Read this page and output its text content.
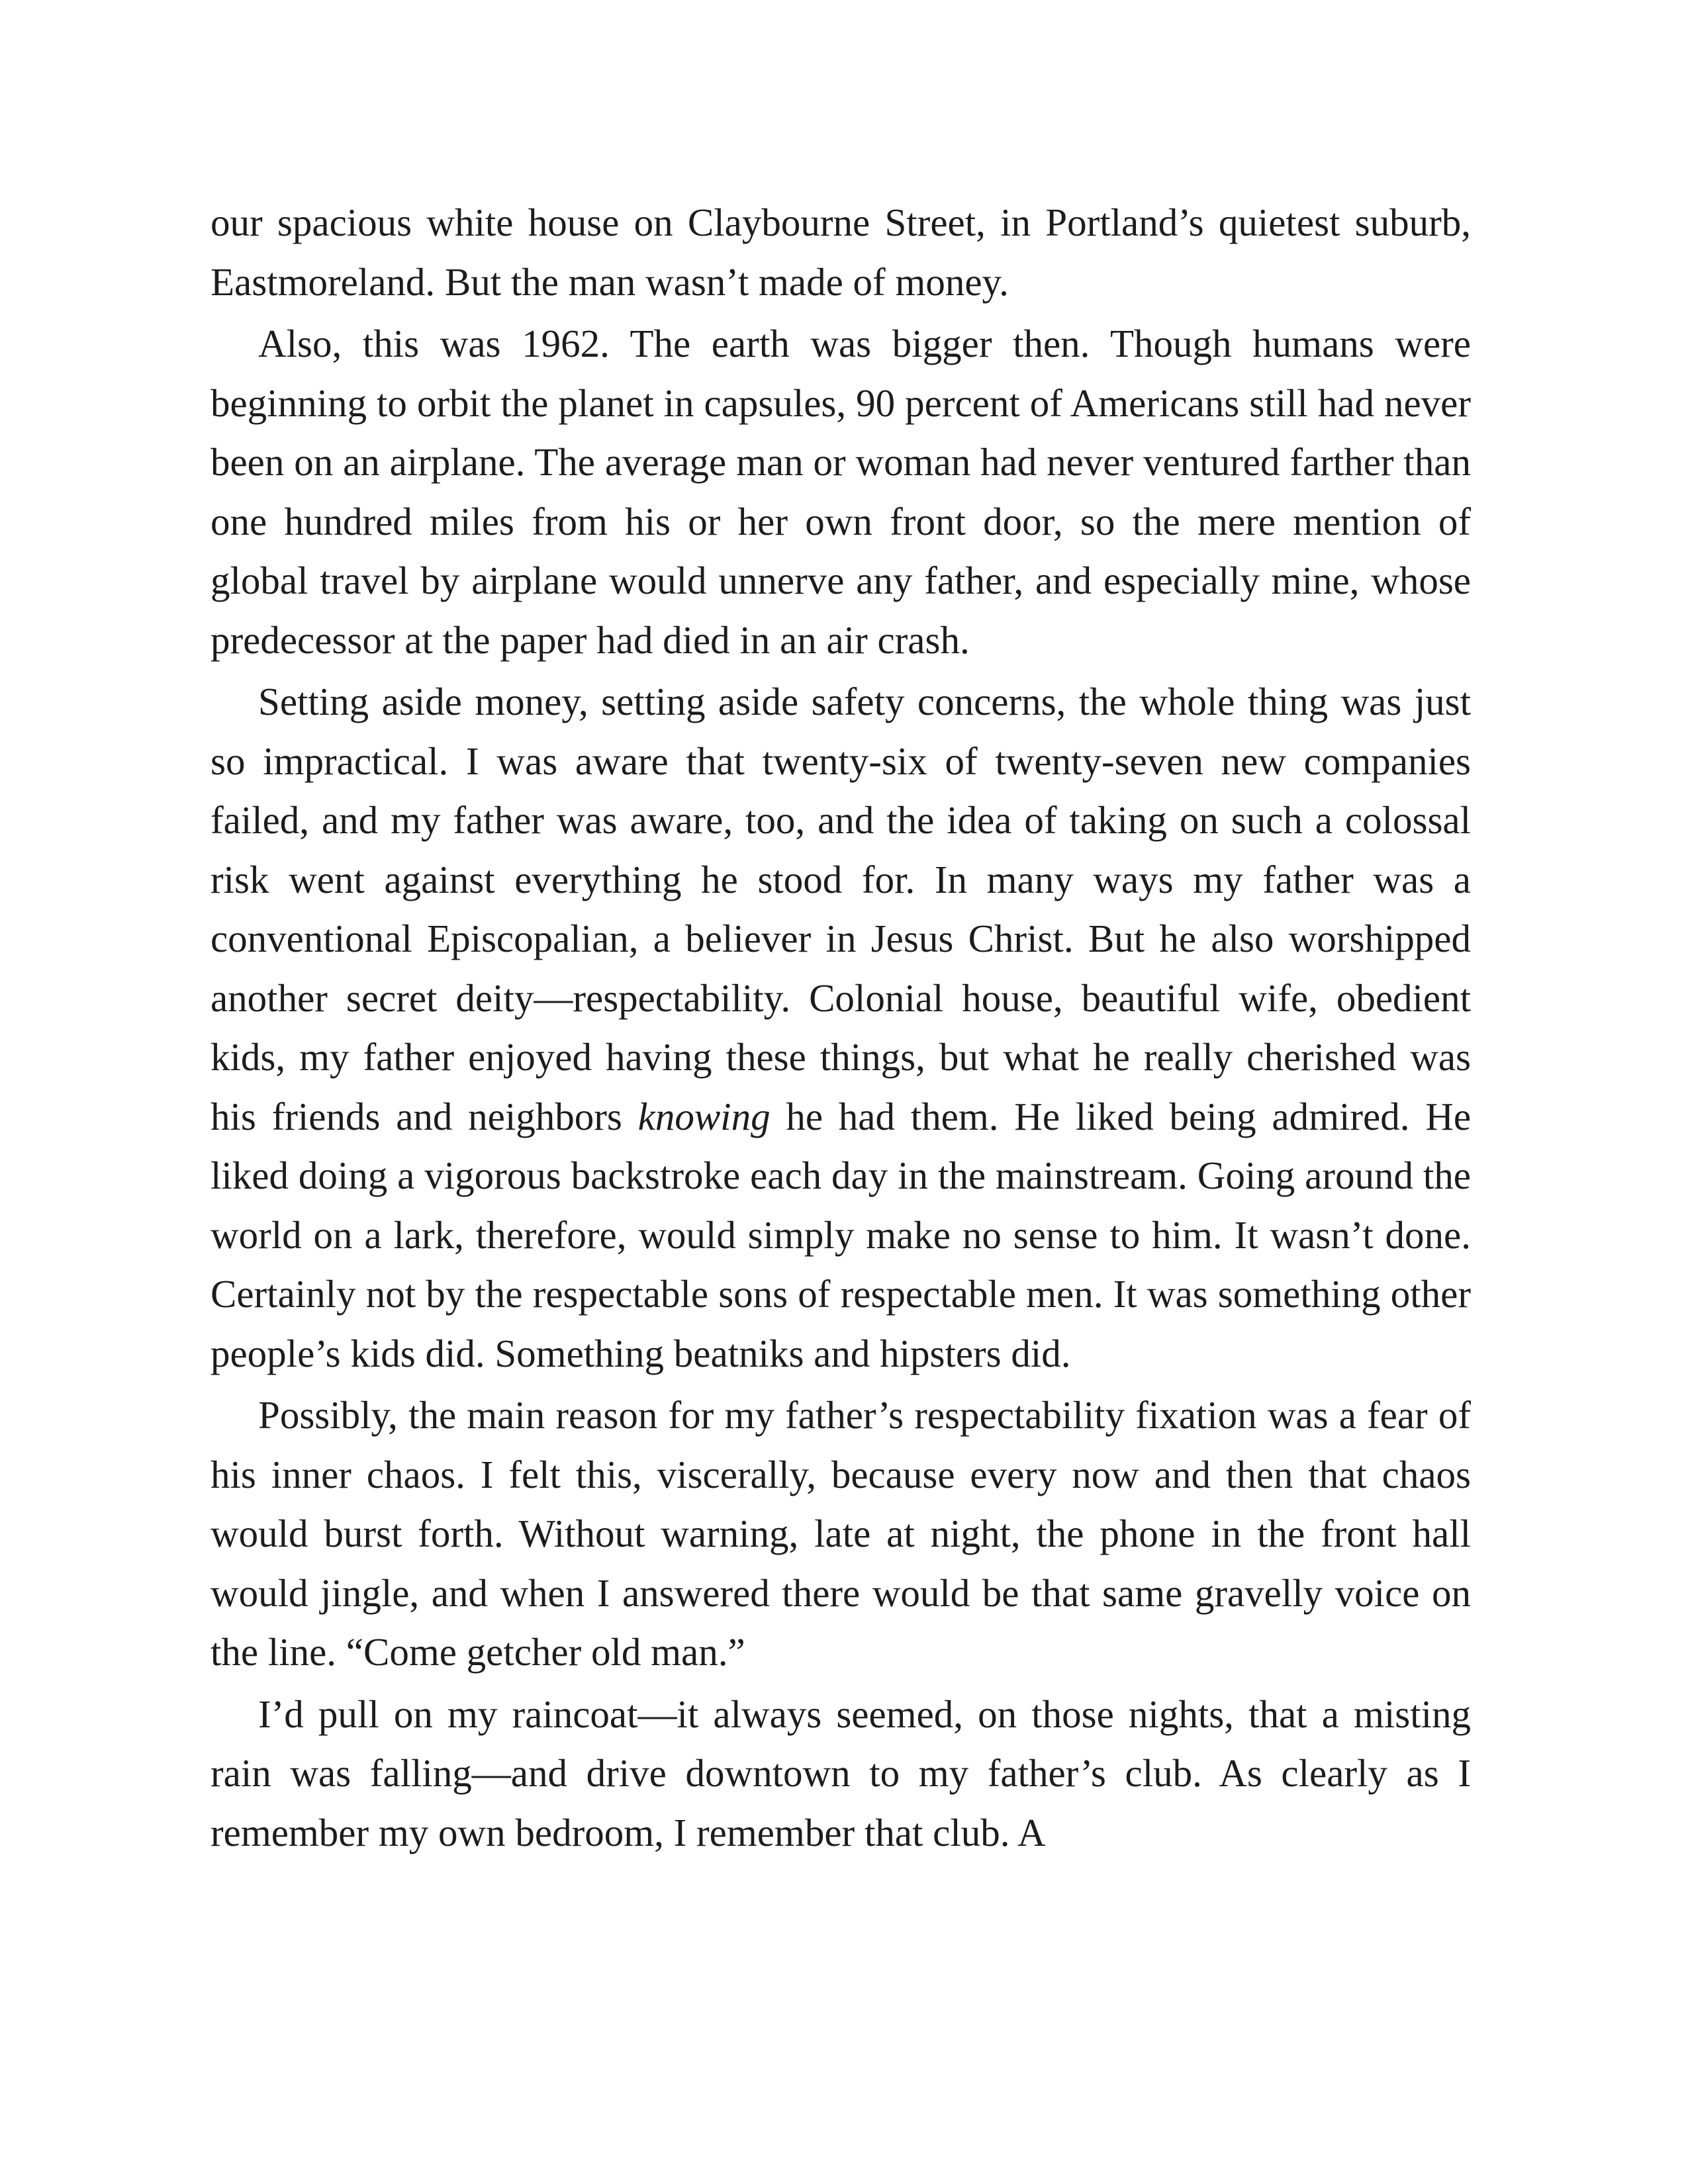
our spacious white house on Claybourne Street, in Portland’s quietest suburb, Eastmoreland. But the man wasn’t made of money.

Also, this was 1962. The earth was bigger then. Though humans were beginning to orbit the planet in capsules, 90 percent of Americans still had never been on an airplane. The average man or woman had never ventured farther than one hundred miles from his or her own front door, so the mere mention of global travel by airplane would unnerve any father, and especially mine, whose predecessor at the paper had died in an air crash.

Setting aside money, setting aside safety concerns, the whole thing was just so impractical. I was aware that twenty-six of twenty-seven new companies failed, and my father was aware, too, and the idea of taking on such a colossal risk went against everything he stood for. In many ways my father was a conventional Episcopalian, a believer in Jesus Christ. But he also worshipped another secret deity—respectability. Colonial house, beautiful wife, obedient kids, my father enjoyed having these things, but what he really cherished was his friends and neighbors knowing he had them. He liked being admired. He liked doing a vigorous backstroke each day in the mainstream. Going around the world on a lark, therefore, would simply make no sense to him. It wasn’t done. Certainly not by the respectable sons of respectable men. It was something other people’s kids did. Something beatniks and hipsters did.

Possibly, the main reason for my father’s respectability fixation was a fear of his inner chaos. I felt this, viscerally, because every now and then that chaos would burst forth. Without warning, late at night, the phone in the front hall would jingle, and when I answered there would be that same gravelly voice on the line. “Come getcher old man.”

I’d pull on my raincoat—it always seemed, on those nights, that a misting rain was falling—and drive downtown to my father’s club. As clearly as I remember my own bedroom, I remember that club. A
